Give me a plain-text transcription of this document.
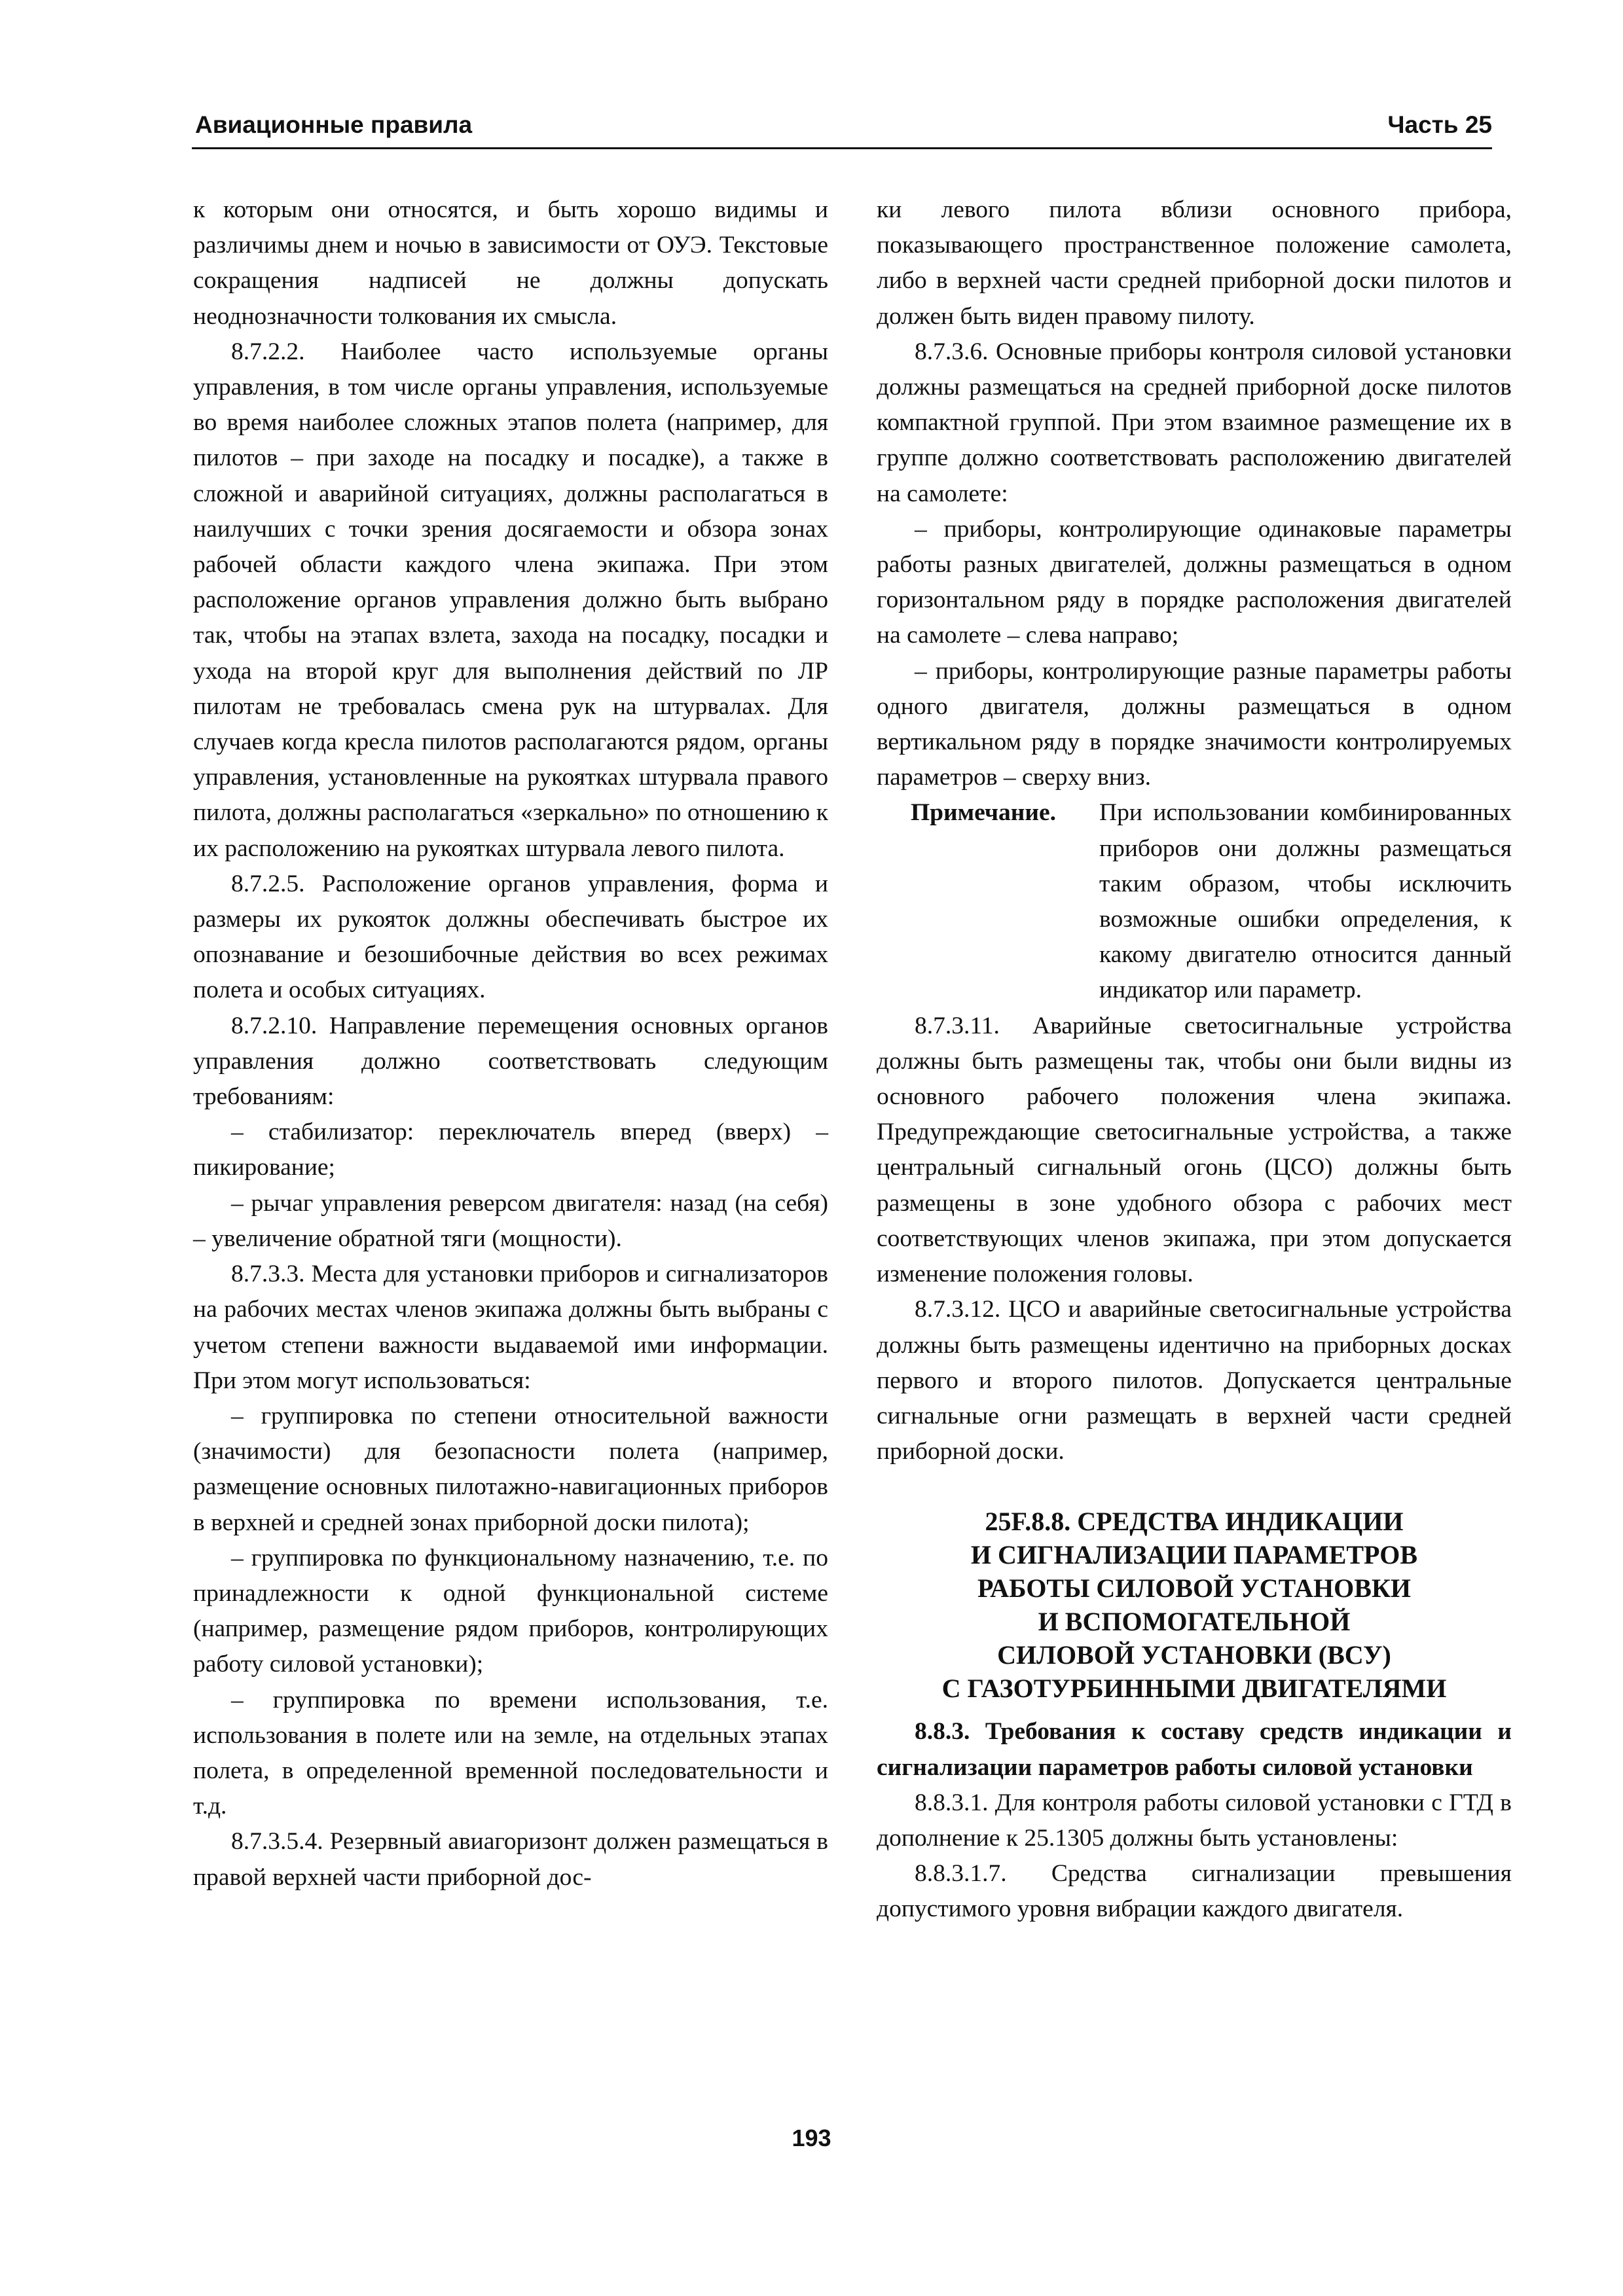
Авиационные правила	Часть 25

к которым они относятся, и быть хорошо видимы и различимы днем и ночью в зависимости от ОУЭ. Текстовые сокращения надписей не должны допускать неоднозначности толкования их смысла.

8.7.2.2. Наиболее часто используемые органы управления, в том числе органы управления, используемые во время наиболее сложных этапов полета (например, для пилотов – при заходе на посадку и посадке), а также в сложной и аварийной ситуациях, должны располагаться в наилучших с точки зрения досягаемости и обзора зонах рабочей области каждого члена экипажа. При этом расположение органов управления должно быть выбрано так, чтобы на этапах взлета, захода на посадку, посадки и ухода на второй круг для выполнения действий по ЛР пилотам не требовалась смена рук на штурвалах. Для случаев когда кресла пилотов располагаются рядом, органы управления, установленные на рукоятках штурвала правого пилота, должны располагаться «зеркально» по отношению к их расположению на рукоятках штурвала левого пилота.

8.7.2.5. Расположение органов управления, форма и размеры их рукояток должны обеспечивать быстрое их опознавание и безошибочные действия во всех режимах полета и особых ситуациях.

8.7.2.10. Направление перемещения основных органов управления должно соответствовать следующим требованиям:

– стабилизатор: переключатель вперед (вверх) – пикирование;

– рычаг управления реверсом двигателя: назад (на себя) – увеличение обратной тяги (мощности).

8.7.3.3. Места для установки приборов и сигнализаторов на рабочих местах членов экипажа должны быть выбраны с учетом степени важности выдаваемой ими информации. При этом могут использоваться:

– группировка по степени относительной важности (значимости) для безопасности полета (например, размещение основных пилотажно-навигационных приборов в верхней и средней зонах приборной доски пилота);

– группировка по функциональному назначению, т.е. по принадлежности к одной функциональной системе (например, размещение рядом приборов, контролирующих работу силовой установки);

– группировка по времени использования, т.е. использования в полете или на земле, на отдельных этапах полета, в определенной временной последовательности и т.д.

8.7.3.5.4. Резервный авиагоризонт должен размещаться в правой верхней части приборной дос-

ки левого пилота вблизи основного прибора, показывающего пространственное положение самолета, либо в верхней части средней приборной доски пилотов и должен быть виден правому пилоту.

8.7.3.6. Основные приборы контроля силовой установки должны размещаться на средней приборной доске пилотов компактной группой. При этом взаимное размещение их в группе должно соответствовать расположению двигателей на самолете:

– приборы, контролирующие одинаковые параметры работы разных двигателей, должны размещаться в одном горизонтальном ряду в порядке расположения двигателей на самолете – слева направо;

– приборы, контролирующие разные параметры работы одного двигателя, должны размещаться в одном вертикальном ряду в порядке значимости контролируемых параметров – сверху вниз.

Примечание.	При использовании комбинированных приборов они должны размещаться таким образом, чтобы исключить возможные ошибки определения, к какому двигателю относится данный индикатор или параметр.

8.7.3.11. Аварийные светосигнальные устройства должны быть размещены так, чтобы они были видны из основного рабочего положения члена экипажа. Предупреждающие светосигнальные устройства, а также центральный сигнальный огонь (ЦСО) должны быть размещены в зоне удобного обзора с рабочих мест соответствующих членов экипажа, при этом допускается изменение положения головы.

8.7.3.12. ЦСО и аварийные светосигнальные устройства должны быть размещены идентично на приборных досках первого и второго пилотов. Допускается центральные сигнальные огни размещать в верхней части средней приборной доски.

25F.8.8. СРЕДСТВА ИНДИКАЦИИ
И СИГНАЛИЗАЦИИ ПАРАМЕТРОВ
РАБОТЫ СИЛОВОЙ УСТАНОВКИ
И ВСПОМОГАТЕЛЬНОЙ
СИЛОВОЙ УСТАНОВКИ (ВСУ)
С ГАЗОТУРБИННЫМИ ДВИГАТЕЛЯМИ

8.8.3. Требования к составу средств индикации и сигнализации параметров работы силовой установки

8.8.3.1. Для контроля работы силовой установки с ГТД в дополнение к 25.1305 должны быть установлены:

8.8.3.1.7. Средства сигнализации превышения допустимого уровня вибрации каждого двигателя.

193
